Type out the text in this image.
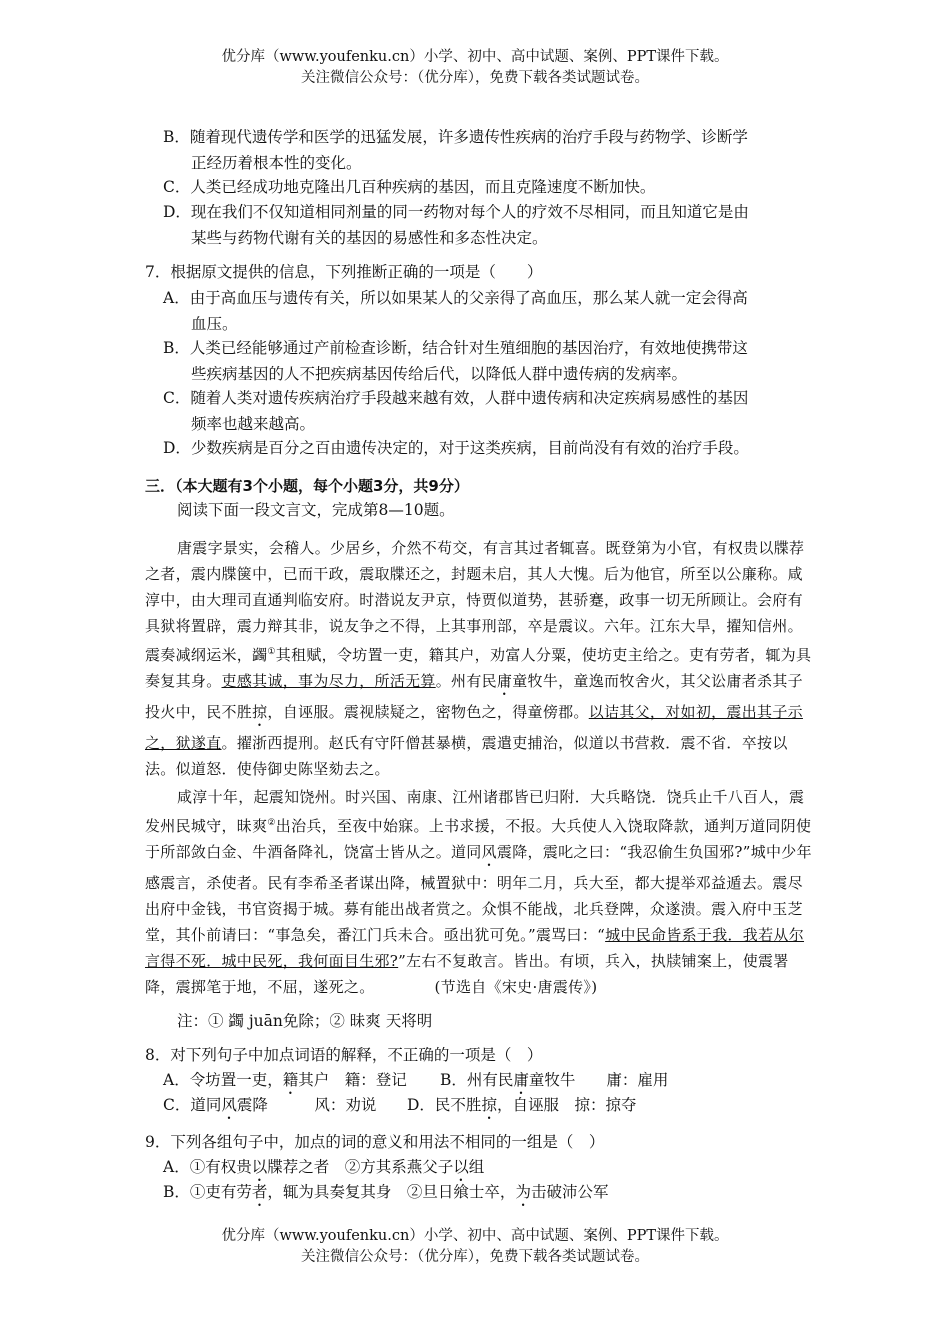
优分库（www.youfenku.cn）小学、初中、高中试题、案例、PPT课件下载。
关注微信公众号：（优分库），免费下载各类试题试卷。
B．随着现代遗传学和医学的迅猛发展，许多遗传性疾病的治疗手段与药物学、诊断学
正经历着根本性的变化。
C．人类已经成功地克隆出几百种疾病的基因，而且克隆速度不断加快。
D．现在我们不仅知道相同剂量的同一药物对每个人的疗效不尽相同，而且知道它是由
某些与药物代谢有关的基因的易感性和多态性决定。
7．根据原文提供的信息，下列推断正确的一项是（　　）
A．由于高血压与遗传有关，所以如果某人的父亲得了高血压，那么某人就一定会得高
血压。
B．人类已经能够通过产前检查诊断，结合针对生殖细胞的基因治疗，有效地使携带这
些疾病基因的人不把疾病基因传给后代，以降低人群中遗传病的发病率。
C．随着人类对遗传疾病治疗手段越来越有效，人群中遗传病和决定疾病易感性的基因
频率也越来越高。
D．少数疾病是百分之百由遗传决定的，对于这类疾病，目前尚没有有效的治疗手段。
三．（本大题有3个小题，每个小题3分，共9分）
阅读下面一段文言文，完成第8—10题。
唐震字景实，会稽人。少居乡，介然不苟交，有言其过者辄喜。既登第为小官，有权贵以牒荐之者，震内牒箧中，已而干政，震取牒还之，封题未启，其人大愧。后为他官，所至以公廉称。咸淳中，由大理司直通判临安府。时潜说友尹京，恃贾似道势，甚骄蹇，政事一切无所顾让。会府有具狱将置辟，震力辩其非，说友争之不得，上其事刑部，卒是震议。六年。江东大旱，擢知信州。震奏减纲运米，蠲①其租赋，令坊置一吏，籍其户，劝富人分粟，使坊吏主给之。吏有劳者，辄为具奏复其身。吏感其诚，事为尽力，所活无算。州有民庸童牧牛，童逸而牧舍火，其父讼庸者杀其子投火中，民不胜掠，自诬服。震视牍疑之，密物色之，得童傍郡。以诘其父，对如初，震出其子示之，狱遂直。擢浙西提刑。赵氏有守阡僧甚暴横，震遣吏捕治，似道以书营救．震不省．卒按以法。似道怒．使侍御史陈坚劾去之。
咸淳十年，起震知饶州。时兴国、南康、江州诸郡皆已归附．大兵略饶．饶兵止千八百人，震发州民城守，昧爽②出治兵，至夜中始寐。上书求援，不报。大兵使人入饶取降款，通判万道同阴使于所部敛白金、牛酒备降礼，饶富士皆从之。道同风震降，震叱之曰：“我忍偷生负国邪?”城中少年感震言，杀使者。民有李希圣者谋出降，械置狱中：明年二月，兵大至，都大提举邓益遁去。震尽出府中金钱，书官资揭于城。募有能出战者赏之。众惧不能战，北兵登陴，众遂溃。震入府中玉芝堂，其仆前请曰：“事急矣，番江门兵未合。亟出犹可免。”震骂曰：“城中民命皆系于我．我若从尔言得不死．城中民死，我何面目生邪?”左右不复敢言。皆出。有顷，兵入，执牍铺案上，使震署降，震掷笔于地，不屈，遂死之。	(节选自《宋史·唐震传》)
注：① 蠲 juān免除；② 昧爽 天将明
8．对下列句子中加点词语的解释，不正确的一项是（　）
A．令坊置一吏，籍其户　籍：登记	B．州有民庸童牧牛　　庸：雇用
C．道同风震降　　　风：劝说	D．民不胜掠，自诬服　掠：掠夺
9．下列各组句子中，加点的词的意义和用法不相同的一组是（　）
A．①有权贵以牒荐之者　②方其系燕父子以组
B．①吏有劳者，辄为具奏复其身　②旦日飨士卒，为击破沛公军
优分库（www.youfenku.cn）小学、初中、高中试题、案例、PPT课件下载。
关注微信公众号：（优分库），免费下载各类试题试卷。
